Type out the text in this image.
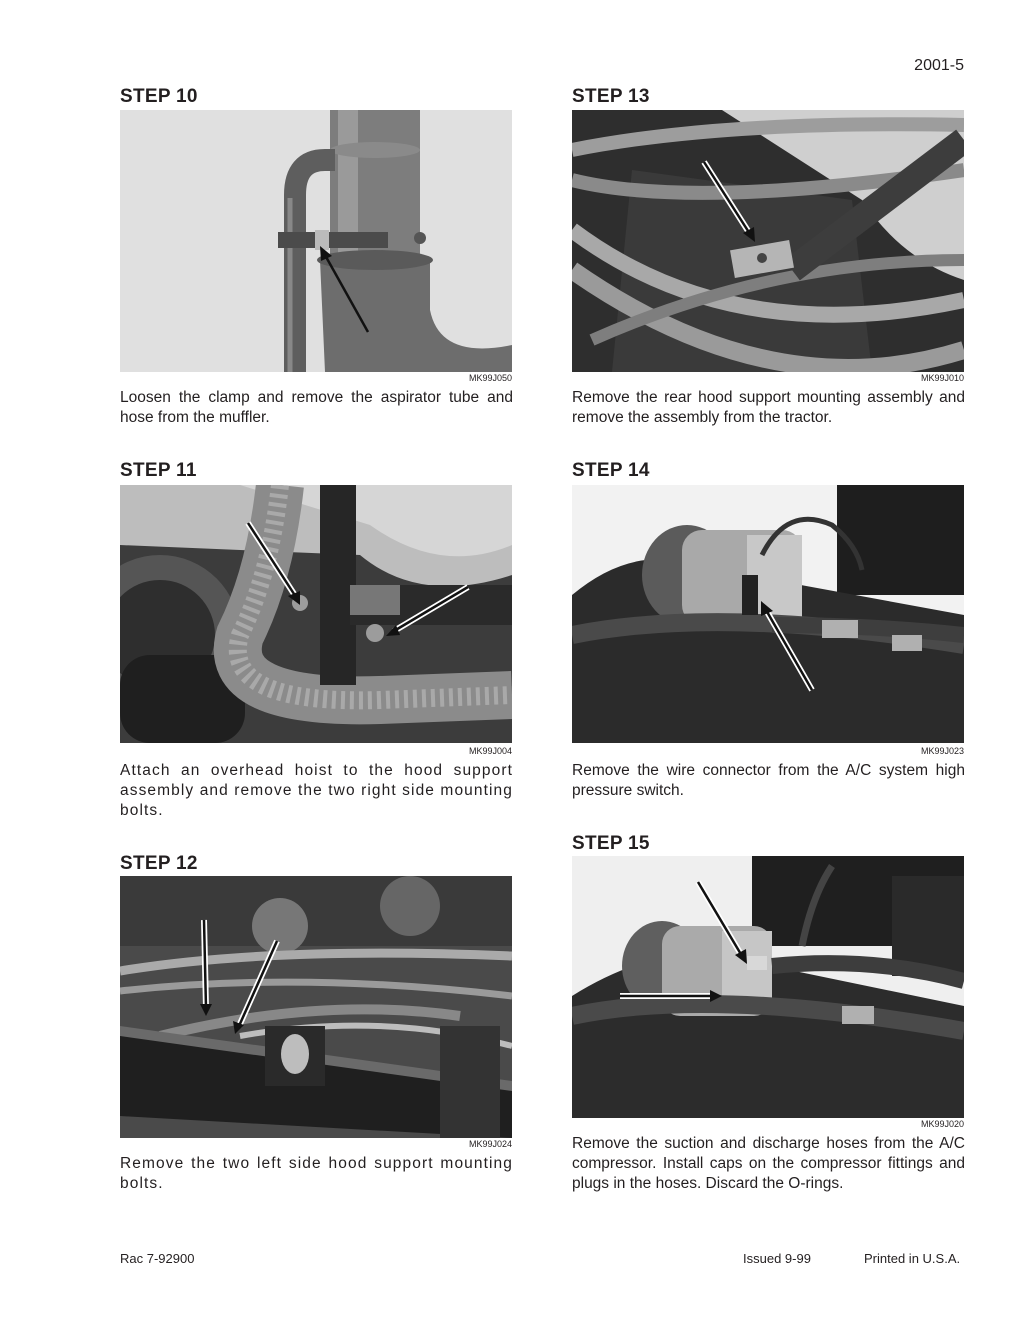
2001-5
STEP 10
MK99J050
Loosen the clamp and remove the aspirator tube and hose from the muffler.
STEP 11
MK99J004
Attach an overhead hoist to the hood support assembly and remove the two right side mounting bolts.
STEP 12
MK99J024
Remove the two left side hood support mounting bolts.
STEP 13
MK99J010
Remove the rear hood support mounting assembly and remove the assembly from the tractor.
STEP 14
MK99J023
Remove the wire connector from the A/C system high pressure switch.
STEP 15
MK99J020
Remove the suction and discharge hoses from the A/C compressor. Install caps on the compressor fittings and plugs in the hoses. Discard the O-rings.
Rac 7-92900	Issued 9-99	Printed in U.S.A.
